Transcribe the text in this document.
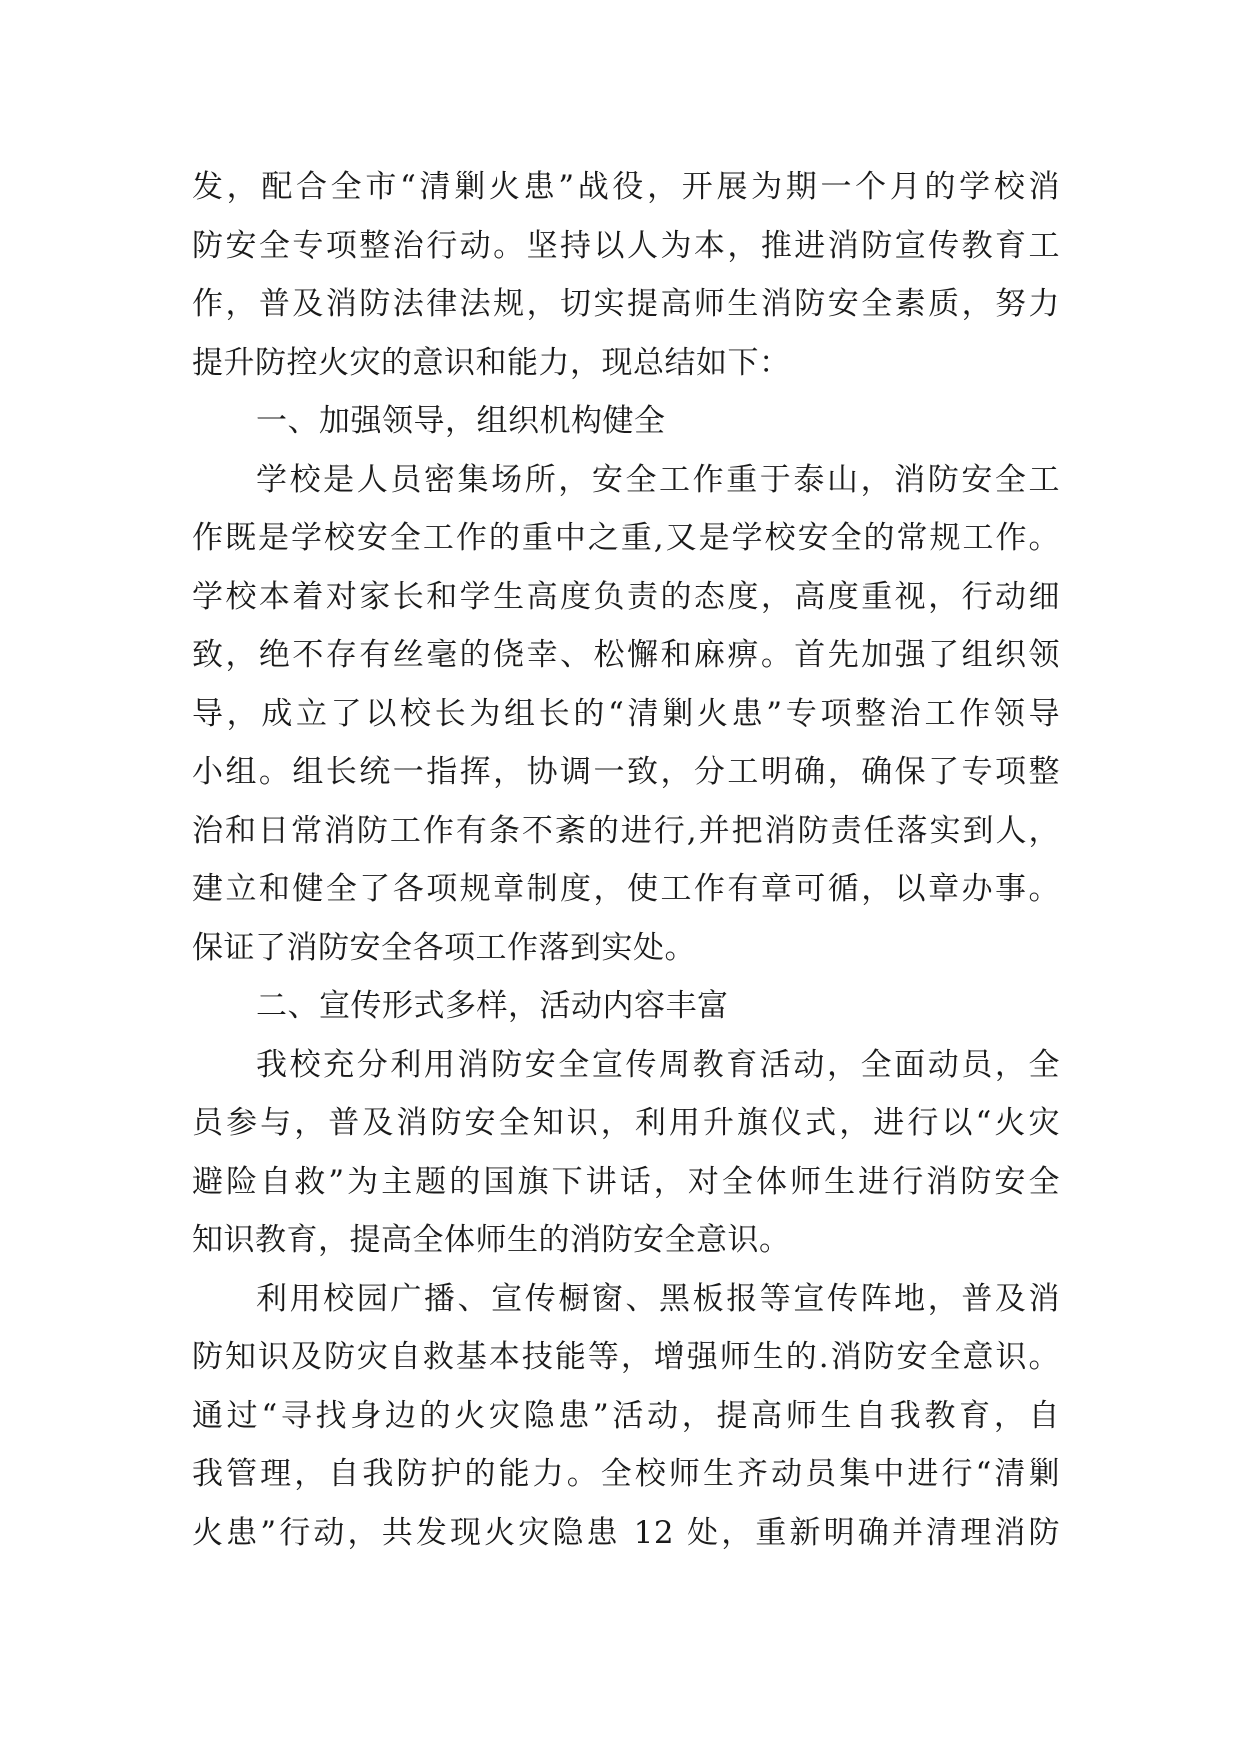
发，配合全市“清剿火患”战役，开展为期一个月的学校消
防安全专项整治行动。坚持以人为本，推进消防宣传教育工
作，普及消防法律法规，切实提高师生消防安全素质，努力
提升防控火灾的意识和能力，现总结如下：
一、加强领导，组织机构健全
学校是人员密集场所，安全工作重于泰山，消防安全工
作既是学校安全工作的重中之重,又是学校安全的常规工作。
学校本着对家长和学生高度负责的态度，高度重视，行动细
致，绝不存有丝毫的侥幸、松懈和麻痹。首先加强了组织领
导，成立了以校长为组长的“清剿火患”专项整治工作领导
小组。组长统一指挥，协调一致，分工明确，确保了专项整
治和日常消防工作有条不紊的进行,并把消防责任落实到人，
建立和健全了各项规章制度，使工作有章可循，以章办事。
保证了消防安全各项工作落到实处。
二、宣传形式多样，活动内容丰富
我校充分利用消防安全宣传周教育活动，全面动员，全
员参与，普及消防安全知识，利用升旗仪式，进行以“火灾
避险自救”为主题的国旗下讲话，对全体师生进行消防安全
知识教育，提高全体师生的消防安全意识。
利用校园广播、宣传橱窗、黑板报等宣传阵地，普及消
防知识及防灾自救基本技能等，增强师生的.消防安全意识。
通过“寻找身边的火灾隐患”活动，提高师生自我教育，自
我管理，自我防护的能力。全校师生齐动员集中进行“清剿
火患”行动，共发现火灾隐患 12 处，重新明确并清理消防
